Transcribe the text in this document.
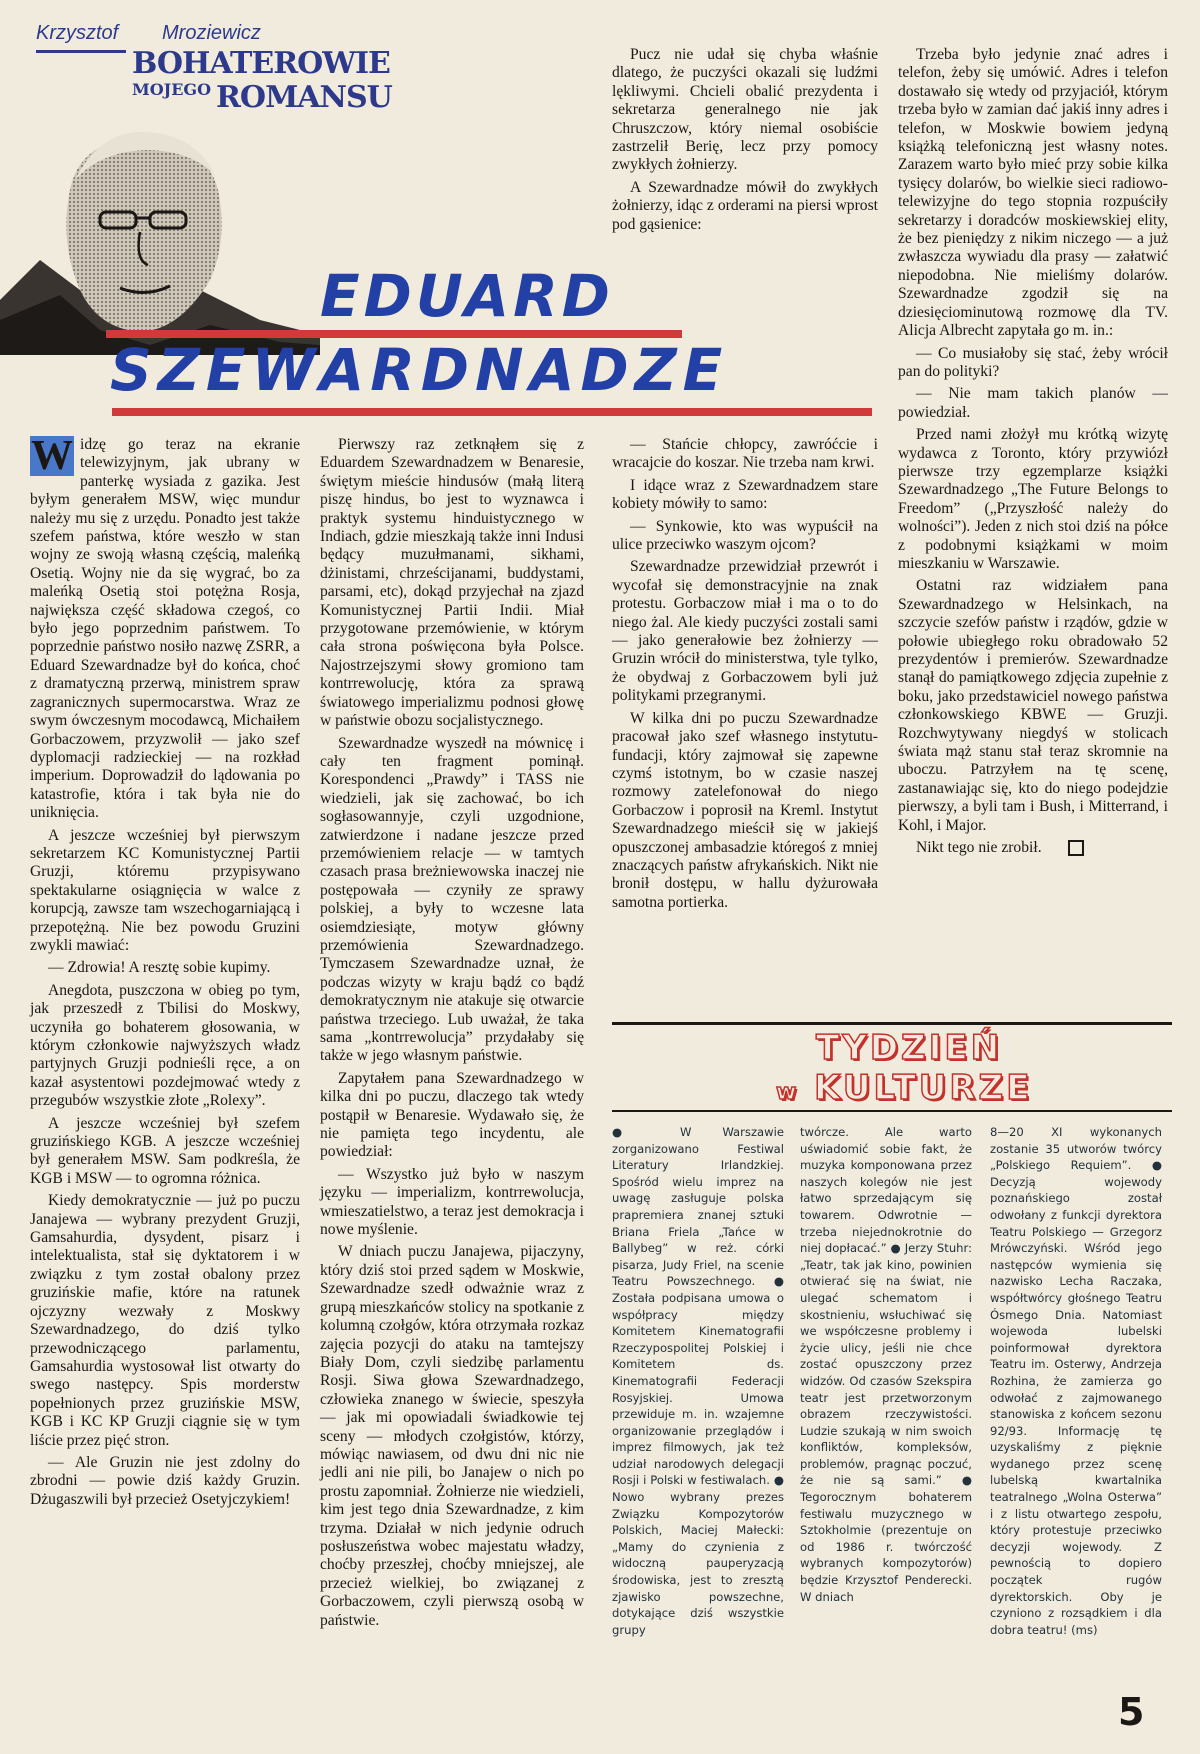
Krzysztof Mroziewicz
BOHATEROWIE
MOJEGO ROMANSU
EDUARD
SZEWARDNADZE

W idzę go teraz na ekranie telewizyjnym, jak ubrany w panterkę wysiada z gazika. Jest byłym generałem MSW, więc mundur należy mu się z urzędu. Ponadto jest także szefem państwa, które weszło w stan wojny ze swoją własną częścią, maleńką Osetią. Wojny nie da się wygrać, bo za maleńką Osetią stoi potężna Rosja, największa część składowa czegoś, co było jego poprzednim państwem. To poprzednie państwo nosiło nazwę ZSRR, a Eduard Szewardnadze był do końca, choć z dramatyczną przerwą, ministrem spraw zagranicznych supermocarstwa. Wraz ze swym ówczesnym mocodawcą, Michaiłem Gorbaczowem, przyzwolił — jako szef dyplomacji radzieckiej — na rozkład imperium. Doprowadził do lądowania po katastrofie, która i tak była nie do uniknięcia.

A jeszcze wcześniej był pierwszym sekretarzem KC Komunistycznej Partii Gruzji, któremu przypisywano spektakularne osiągnięcia w walce z korupcją, zawsze tam wszechogarniającą i przepotężną. Nie bez powodu Gruzini zwykli mawiać:

— Zdrowia! A resztę sobie kupimy.

Anegdota, puszczona w obieg po tym, jak przeszedł z Tbilisi do Moskwy, uczyniła go bohaterem głosowania, w którym członkowie najwyższych władz partyjnych Gruzji podnieśli ręce, a on kazał asystentowi pozdejmować wtedy z przegubów wszystkie złote „Rolexy”.

A jeszcze wcześniej był szefem gruzińskiego KGB. A jeszcze wcześniej był generałem MSW. Sam podkreśla, że KGB i MSW — to ogromna różnica.

Kiedy demokratycznie — już po puczu Janajewa — wybrany prezydent Gruzji, Gamsahurdia, dysydent, pisarz i intelektualista, stał się dyktatorem i w związku z tym został obalony przez gruzińskie mafie, które na ratunek ojczyzny wezwały z Moskwy Szewardnadzego, do dziś tylko przewodniczącego parlamentu, Gamsahurdia wystosował list otwarty do swego następcy. Spis morderstw popełnionych przez gruzińskie MSW, KGB i KC KP Gruzji ciągnie się w tym liście przez pięć stron.

— Ale Gruzin nie jest zdolny do zbrodni — powie dziś każdy Gruzin. Dżugaszwili był przecież Osetyjczykiem!

Pierwszy raz zetknąłem się z Eduardem Szewardnadzem w Benaresie, świętym mieście hindusów (małą literą piszę hindus, bo jest to wyznawca i praktyk systemu hinduistycznego w Indiach, gdzie mieszkają także inni Indusi będący muzułmanami, sikhami, dżinistami, chrześcijanami, buddystami, parsami, etc), dokąd przyjechał na zjazd Komunistycznej Partii Indii. Miał przygotowane przemówienie, w którym cała strona poświęcona była Polsce. Najostrzejszymi słowy gromiono tam kontrrewolucję, która za sprawą światowego imperializmu podnosi głowę w państwie obozu socjalistycznego.

Szewardnadze wyszedł na mównicę i cały ten fragment pominął. Korespondenci „Prawdy” i TASS nie wiedzieli, jak się zachować, bo ich sogłasowannyje, czyli uzgodnione, zatwierdzone i nadane jeszcze przed przemówieniem relacje — w tamtych czasach prasa breżniewowska inaczej nie postępowała — czyniły ze sprawy polskiej, a były to wczesne lata osiemdziesiąte, motyw główny przemówienia Szewardnadzego. Tymczasem Szewardnadze uznał, że podczas wizyty w kraju bądź co bądź demokratycznym nie atakuje się otwarcie państwa trzeciego. Lub uważał, że taka sama „kontrrewolucja” przydałaby się także w jego własnym państwie.

Zapytałem pana Szewardnadzego w kilka dni po puczu, dlaczego tak wtedy postąpił w Benaresie. Wydawało się, że nie pamięta tego incydentu, ale powiedział:

— Wszystko już było w naszym języku — imperializm, kontrrewolucja, wmieszatielstwo, a teraz jest demokracja i nowe myślenie.

W dniach puczu Janajewa, pijaczyny, który dziś stoi przed sądem w Moskwie, Szewardnadze szedł odważnie wraz z grupą mieszkańców stolicy na spotkanie z kolumną czołgów, która otrzymała rozkaz zajęcia pozycji do ataku na tamtejszy Biały Dom, czyli siedzibę parlamentu Rosji. Siwa głowa Szewardnadzego, człowieka znanego w świecie, speszyła — jak mi opowiadali świadkowie tej sceny — młodych czołgistów, którzy, mówiąc nawiasem, od dwu dni nic nie jedli ani nie pili, bo Janajew o nich po prostu zapomniał. Żołnierze nie wiedzieli, kim jest tego dnia Szewardnadze, z kim trzyma. Działał w nich jedynie odruch posłuszeństwa wobec majestatu władzy, choćby przeszłej, choćby mniejszej, ale przecież wielkiej, bo związanej z Gorbaczowem, czyli pierwszą osobą w państwie.

Pucz nie udał się chyba właśnie dlatego, że puczyści okazali się ludźmi lękliwymi. Chcieli obalić prezydenta i sekretarza generalnego nie jak Chruszczow, który niemal osobiście zastrzelił Berię, lecz przy pomocy zwykłych żołnierzy.

A Szewardnadze mówił do zwykłych żołnierzy, idąc z orderami na piersi wprost pod gąsienice:

— Stańcie chłopcy, zawróćcie i wracajcie do koszar. Nie trzeba nam krwi.

I idące wraz z Szewardnadzem stare kobiety mówiły to samo:

— Synkowie, kto was wypuścił na ulice przeciwko waszym ojcom?

Szewardnadze przewidział przewrót i wycofał się demonstracyjnie na znak protestu. Gorbaczow miał i ma o to do niego żal. Ale kiedy puczyści zostali sami — jako generałowie bez żołnierzy — Gruzin wrócił do ministerstwa, tyle tylko, że obydwaj z Gorbaczowem byli już politykami przegranymi.

W kilka dni po puczu Szewardnadze pracował jako szef własnego instytutu-fundacji, który zajmował się zapewne czymś istotnym, bo w czasie naszej rozmowy zatelefonował do niego Gorbaczow i poprosił na Kreml. Instytut Szewardnadzego mieścił się w jakiejś opuszczonej ambasadzie któregoś z mniej znaczących państw afrykańskich. Nikt nie bronił dostępu, w hallu dyżurowała samotna portierka.

Trzeba było jedynie znać adres i telefon, żeby się umówić. Adres i telefon dostawało się wtedy od przyjaciół, którym trzeba było w zamian dać jakiś inny adres i telefon, w Moskwie bowiem jedyną książką telefoniczną jest własny notes. Zarazem warto było mieć przy sobie kilka tysięcy dolarów, bo wielkie sieci radiowo-telewizyjne do tego stopnia rozpuściły sekretarzy i doradców moskiewskiej elity, że bez pieniędzy z nikim niczego — a już zwłaszcza wywiadu dla prasy — załatwić niepodobna. Nie mieliśmy dolarów. Szewardnadze zgodził się na dziesięciominutową rozmowę dla TV. Alicja Albrecht zapytała go m. in.:

— Co musiałoby się stać, żeby wrócił pan do polityki?

— Nie mam takich planów — powiedział.

Przed nami złożył mu krótką wizytę wydawca z Toronto, który przywiózł pierwsze trzy egzemplarze książki Szewardnadzego „The Future Belongs to Freedom” („Przyszłość należy do wolności”). Jeden z nich stoi dziś na półce z podobnymi książkami w moim mieszkaniu w Warszawie.

Ostatni raz widziałem pana Szewardnadzego w Helsinkach, na szczycie szefów państw i rządów, gdzie w połowie ubiegłego roku obradowało 52 prezydentów i premierów. Szewardnadze stanął do pamiątkowego zdjęcia zupełnie z boku, jako przedstawiciel nowego państwa członkowskiego KBWE — Gruzji. Rozchwytywany niegdyś w stolicach świata mąż stanu stał teraz skromnie na uboczu. Patrzyłem na tę scenę, zastanawiając się, kto do niego podejdzie pierwszy, a byli tam i Bush, i Mitterrand, i Kohl, i Major.

Nikt tego nie zrobił.

TYDZIEŃ
w KULTURZE
● W Warszawie zorganizowano Festiwal Literatury Irlandzkiej. Spośród wielu imprez na uwagę zasługuje polska prapremiera znanej sztuki Briana Friela „Tańce w Ballybeg” w reż. córki pisarza, Judy Friel, na scenie Teatru Powszechnego. ● Została podpisana umowa o współpracy między Komitetem Kinematografii Rzeczypospolitej Polskiej i Komitetem ds. Kinematografii Federacji Rosyjskiej. Umowa przewiduje m. in. wzajemne organizowanie przeglądów i imprez filmowych, jak też udział narodowych delegacji Rosji i Polski w festiwalach. ● Nowo wybrany prezes Związku Kompozytorów Polskich, Maciej Małecki: „Mamy do czynienia z widoczną pauperyzacją środowiska, jest to zresztą zjawisko powszechne, dotykające dziś wszystkie grupy
twórcze. Ale warto uświadomić sobie fakt, że muzyka komponowana przez naszych kolegów nie jest łatwo sprzedającym się towarem. Odwrotnie — trzeba niejednokrotnie do niej dopłacać.” ● Jerzy Stuhr: „Teatr, tak jak kino, powinien otwierać się na świat, nie ulegać schematom i skostnieniu, wsłuchiwać się we współczesne problemy i życie ulicy, jeśli nie chce zostać opuszczony przez widzów. Od czasów Szekspira teatr jest przetworzonym obrazem rzeczywistości. Ludzie szukają w nim swoich konfliktów, kompleksów, problemów, pragnąc poczuć, że nie są sami.” ● Tegorocznym bohaterem festiwalu muzycznego w Sztokholmie (prezentuje on od 1986 r. twórczość wybranych kompozytorów) będzie Krzysztof Penderecki. W dniach
8—20 XI wykonanych zostanie 35 utworów twórcy „Polskiego Requiem”. ● Decyzją wojewody poznańskiego został odwołany z funkcji dyrektora Teatru Polskiego — Grzegorz Mrówczyński. Wśród jego następców wymienia się nazwisko Lecha Raczaka, współtwórcy głośnego Teatru Ósmego Dnia. Natomiast wojewoda lubelski poinformował dyrektora Teatru im. Osterwy, Andrzeja Rozhina, że zamierza go odwołać z zajmowanego stanowiska z końcem sezonu 92/93. Informację tę uzyskaliśmy z pięknie wydanego przez scenę lubelską kwartalnika teatralnego „Wolna Osterwa” i z listu otwartego zespołu, który protestuje przeciwko decyzji wojewody. Z pewnością to dopiero początek rugów dyrektorskich. Oby je czyniono z rozsądkiem i dla dobra teatru! (ms)
5
